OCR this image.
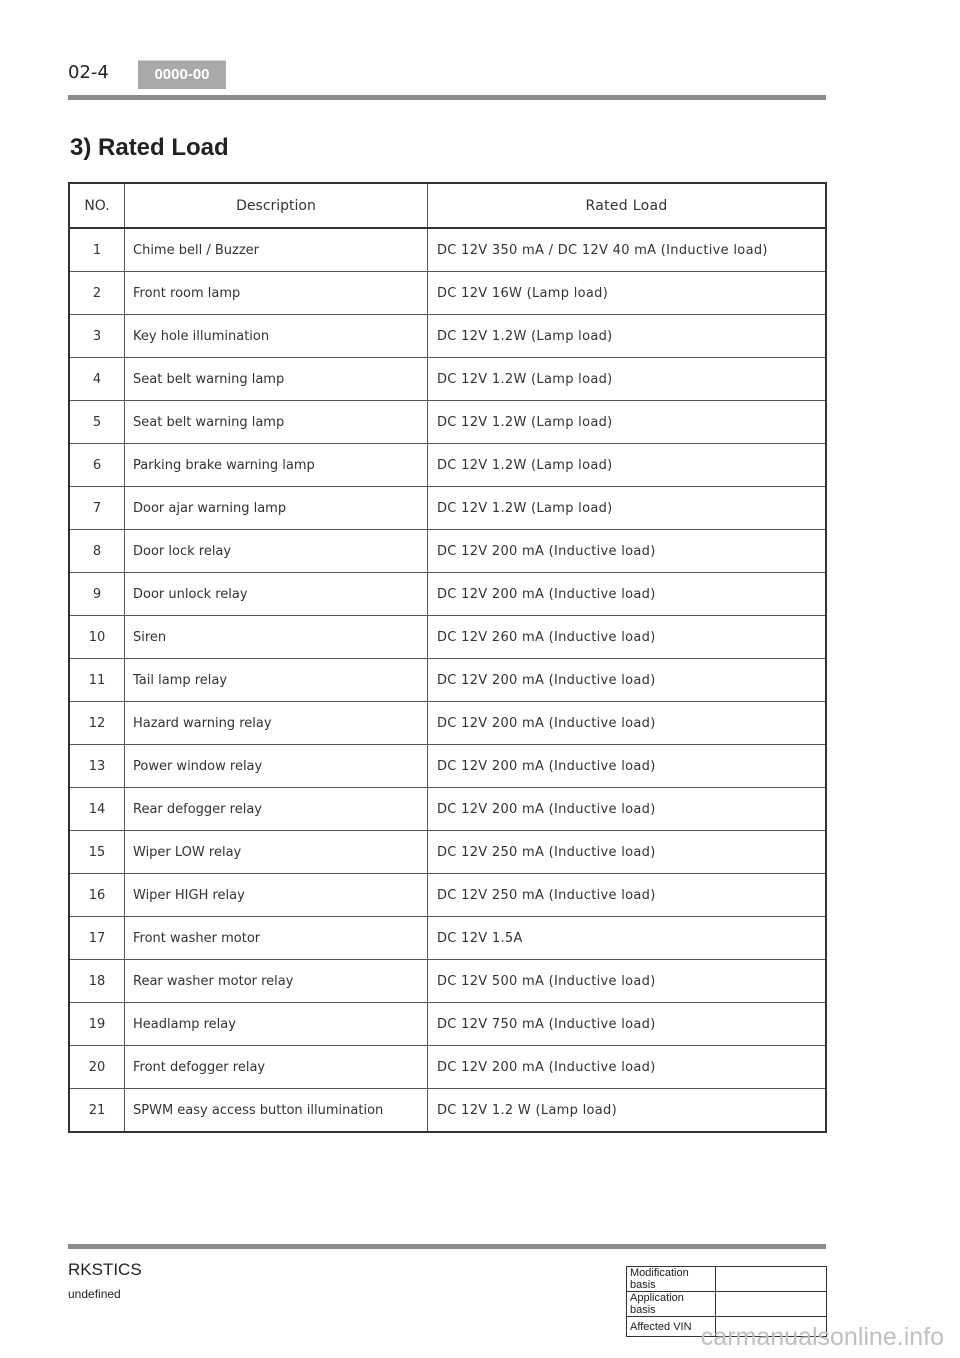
02-4	0000-00
3) Rated Load
NO.	Description	Rated Load
1	Chime bell / Buzzer	DC 12V 350 mA / DC 12V 40 mA (Inductive load)
2	Front room lamp	DC 12V 16W (Lamp load)
3	Key hole illumination	DC 12V 1.2W (Lamp load)
4	Seat belt warning lamp	DC 12V 1.2W (Lamp load)
5	Seat belt warning lamp	DC 12V 1.2W (Lamp load)
6	Parking brake warning lamp	DC 12V 1.2W (Lamp load)
7	Door ajar warning lamp	DC 12V 1.2W (Lamp load)
8	Door lock relay	DC 12V 200 mA (Inductive load)
9	Door unlock relay	DC 12V 200 mA (Inductive load)
10	Siren	DC 12V 260 mA (Inductive load)
11	Tail lamp relay	DC 12V 200 mA (Inductive load)
12	Hazard warning relay	DC 12V 200 mA (Inductive load)
13	Power window relay	DC 12V 200 mA (Inductive load)
14	Rear defogger relay	DC 12V 200 mA (Inductive load)
15	Wiper LOW relay	DC 12V 250 mA (Inductive load)
16	Wiper HIGH relay	DC 12V 250 mA (Inductive load)
17	Front washer motor	DC 12V 1.5A
18	Rear washer motor relay	DC 12V 500 mA (Inductive load)
19	Headlamp relay	DC 12V 750 mA (Inductive load)
20	Front defogger relay	DC 12V 200 mA (Inductive load)
21	SPWM easy access button illumination	DC 12V 1.2 W (Lamp load)
RKSTICS
undefined
Modification basis	
Application basis	
Affected VIN	carmanualsonline.info
